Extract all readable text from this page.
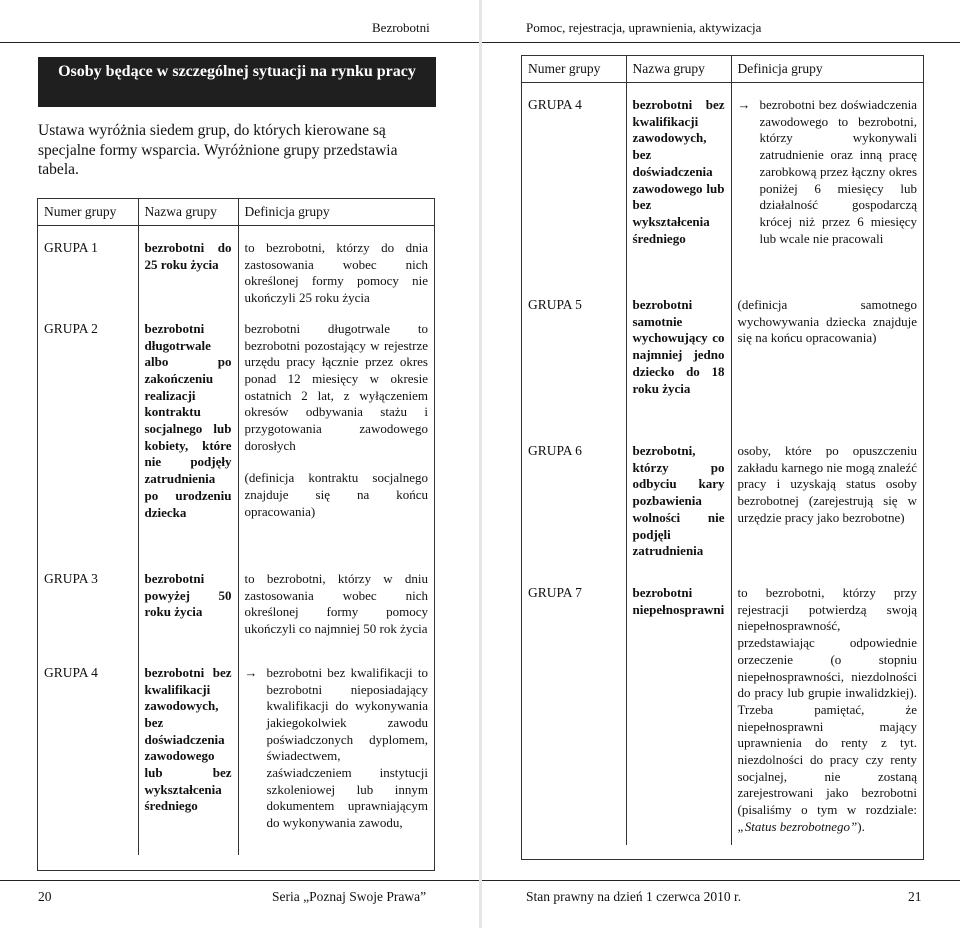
Bezrobotni
Osoby będące w szczególnej sytuacji na rynku pracy
Ustawa wyróżnia siedem grup, do których kierowane są specjalne formy wsparcia. Wyróżnione grupy przedstawia tabela.
Numer grupy	Nazwa grupy	Definicja grupy

GRUPA 1	bezrobotni do 25 roku życia	to bezrobotni, którzy do dnia zastosowania wobec nich określonej formy pomocy nie ukończyli 25 roku życia

GRUPA 2	bezrobotni długotrwale albo po zakończeniu realizacji kontraktu socjalnego lub kobiety, które nie podjęły zatrudnienia po urodzeniu dziecka	bezrobotni długotrwale to bezrobotni pozostający w rejestrze urzędu pracy łącznie przez okres ponad 12 miesięcy w okresie ostatnich 2 lat, z wyłączeniem okresów odbywania stażu i przygotowania zawodowego dorosłych
(definicja kontraktu socjalnego znajduje się na końcu opracowania)

GRUPA 3	bezrobotni powyżej 50 roku życia	to bezrobotni, którzy w dniu zastosowania wobec nich określonej formy pomocy ukończyli co najmniej 50 rok życia

GRUPA 4	bezrobotni bez kwalifikacji zawodowych, bez doświadczenia zawodowego lub bez wykształcenia średniego	→ bezrobotni bez kwalifikacji to bezrobotni nieposiadający kwalifikacji do wykonywania jakiegokolwiek zawodu poświadczonych dyplomem, świadectwem, zaświadczeniem instytucji szkoleniowej lub innym dokumentem uprawniającym do wykonywania zawodu,
20	Seria „Poznaj Swoje Prawa”
Pomoc, rejestracja, uprawnienia, aktywizacja
Numer grupy	Nazwa grupy	Definicja grupy

GRUPA 4	bezrobotni bez kwalifikacji zawodowych, bez doświadczenia zawodowego lub bez wykształcenia średniego	→ bezrobotni bez doświadczenia zawodowego to bezrobotni, którzy wykonywali zatrudnienie oraz inną pracę zarobkową przez łączny okres poniżej 6 miesięcy lub działalność gospodarczą krócej niż przez 6 miesięcy lub wcale nie pracowali

GRUPA 5	bezrobotni samotnie wychowujący co najmniej jedno dziecko do 18 roku życia	(definicja samotnego wychowywania dziecka znajduje się na końcu opracowania)

GRUPA 6	bezrobotni, którzy po odbyciu kary pozbawienia wolności nie podjęli zatrudnienia	osoby, które po opuszczeniu zakładu karnego nie mogą znaleźć pracy i uzyskają status osoby bezrobotnej (zarejestrują się w urzędzie pracy jako bezrobotne)

GRUPA 7	bezrobotni niepełnosprawni	to bezrobotni, którzy przy rejestracji potwierdzą swoją niepełnosprawność, przedstawiając odpowiednie orzeczenie (o stopniu niepełnosprawności, niezdolności do pracy lub grupie inwalidzkiej). Trzeba pamiętać, że niepełnosprawni mający uprawnienia do renty z tyt. niezdolności do pracy czy renty socjalnej, nie zostaną zarejestrowani jako bezrobotni (pisaliśmy o tym w rozdziale: „Status bezrobotnego”).
Stan prawny na dzień 1 czerwca 2010 r.	21
